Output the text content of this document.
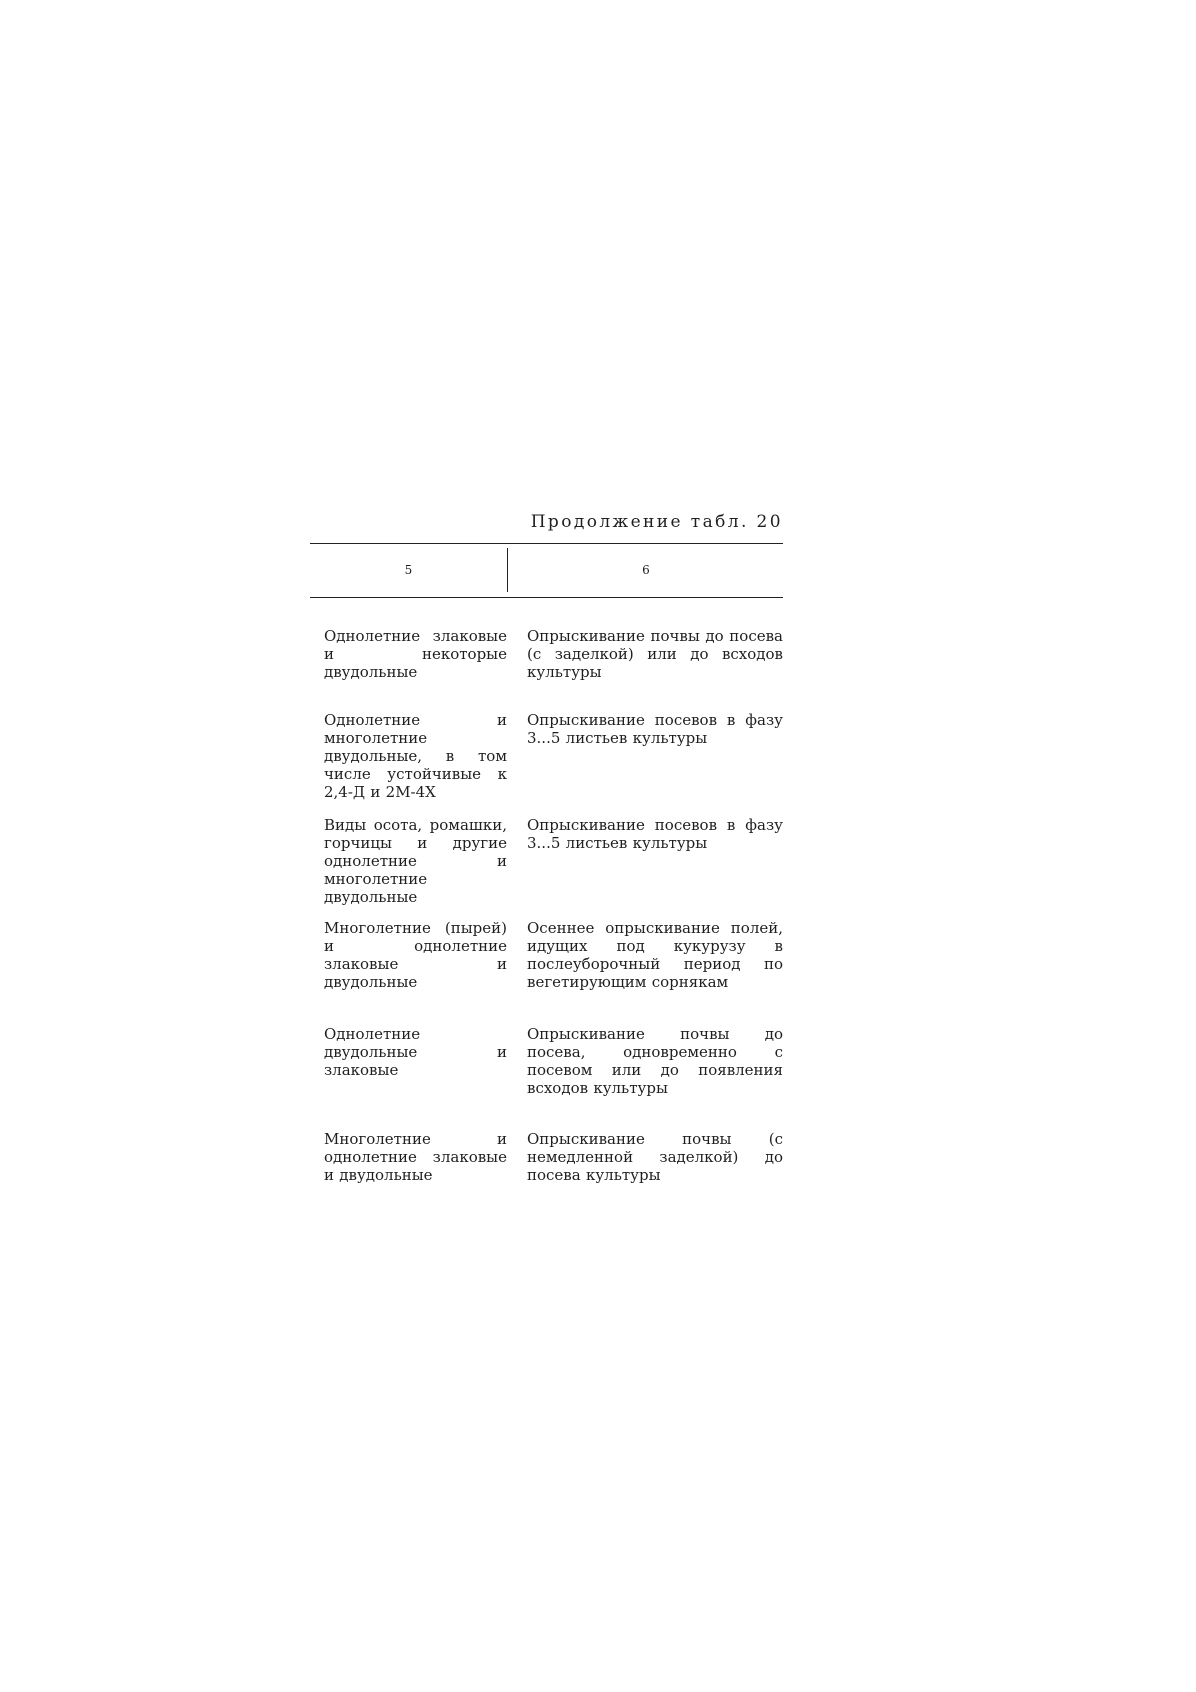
Продолжение табл. 20
5	6
Однолетние злаковые и некоторые двудольные
Опрыскивание почвы до посева (с заделкой) или до всходов культуры
Однолетние и многолетние двудольные, в том числе устойчивые к 2,4-Д и 2М-4Х
Опрыскивание посевов в фазу 3...5 листьев культуры
Виды осота, ромашки, горчицы и другие однолетние и многолетние двудольные
Опрыскивание посевов в фазу 3...5 листьев культуры
Многолетние (пырей) и однолетние злаковые и двудольные
Осеннее опрыскивание полей, идущих под кукурузу в послеуборочный период по вегетирующим сорнякам
Однолетние двудольные и злаковые
Опрыскивание почвы до посева, одновременно с посевом или до появления всходов культуры
Многолетние и однолетние злаковые и двудольные
Опрыскивание почвы (с немедленной заделкой) до посева культуры
